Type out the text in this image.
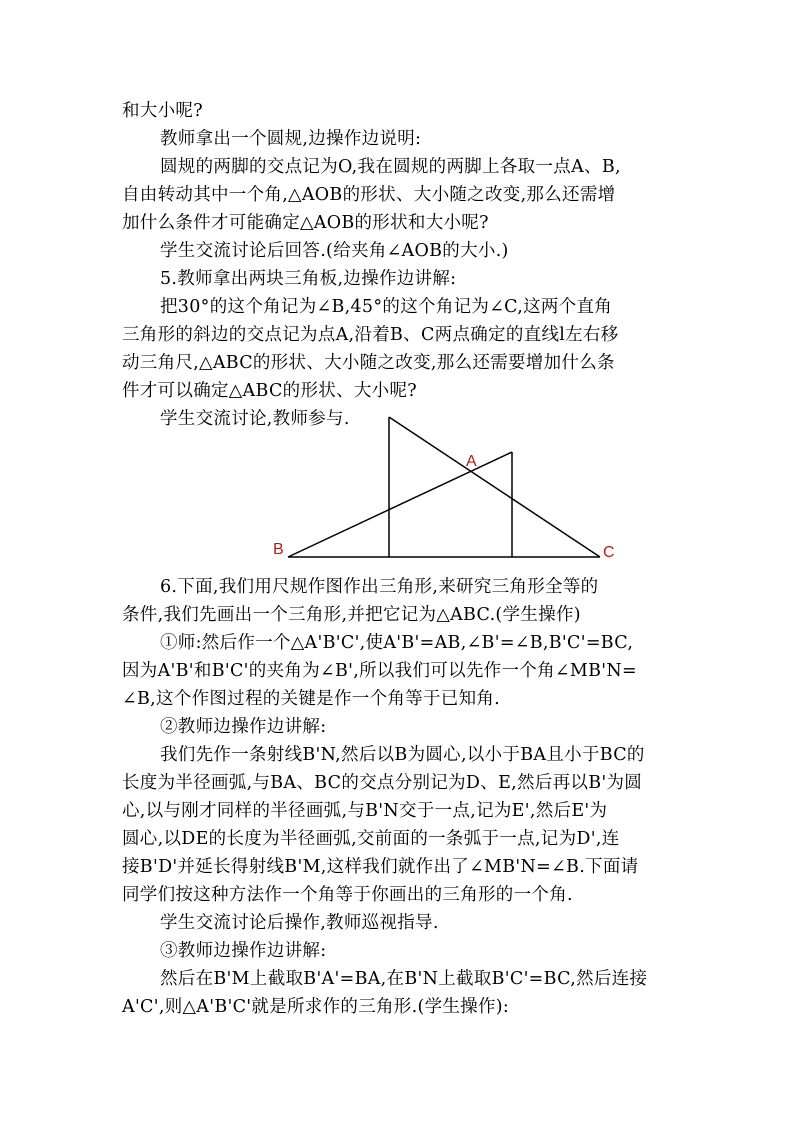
和大小呢?
教师拿出一个圆规,边操作边说明:
圆规的两脚的交点记为O,我在圆规的两脚上各取一点A、B,
自由转动其中一个角,△AOB的形状、大小随之改变,那么还需增
加什么条件才可能确定△AOB的形状和大小呢?
学生交流讨论后回答.(给夹角∠AOB的大小.)
5.教师拿出两块三角板,边操作边讲解:
把30°的这个角记为∠B,45°的这个角记为∠C,这两个直角
三角形的斜边的交点记为点A,沿着B、C两点确定的直线l左右移
动三角尺,△ABC的形状、大小随之改变,那么还需要增加什么条
件才可以确定△ABC的形状、大小呢?
学生交流讨论,教师参与.
A
B	C
6.下面,我们用尺规作图作出三角形,来研究三角形全等的
条件,我们先画出一个三角形,并把它记为△ABC.(学生操作)
①师:然后作一个△A'B'C',使A'B'=AB,∠B'=∠B,B'C'=BC,
因为A'B'和B'C'的夹角为∠B',所以我们可以先作一个角∠MB'N=
∠B,这个作图过程的关键是作一个角等于已知角.
②教师边操作边讲解:
我们先作一条射线B'N,然后以B为圆心,以小于BA且小于BC的
长度为半径画弧,与BA、BC的交点分别记为D、E,然后再以B'为圆
心,以与刚才同样的半径画弧,与B'N交于一点,记为E',然后E'为
圆心,以DE的长度为半径画弧,交前面的一条弧于一点,记为D',连
接B'D'并延长得射线B'M,这样我们就作出了∠MB'N=∠B.下面请
同学们按这种方法作一个角等于你画出的三角形的一个角.
学生交流讨论后操作,教师巡视指导.
③教师边操作边讲解:
然后在B'M上截取B'A'=BA,在B'N上截取B'C'=BC,然后连接
A'C',则△A'B'C'就是所求作的三角形.(学生操作):
